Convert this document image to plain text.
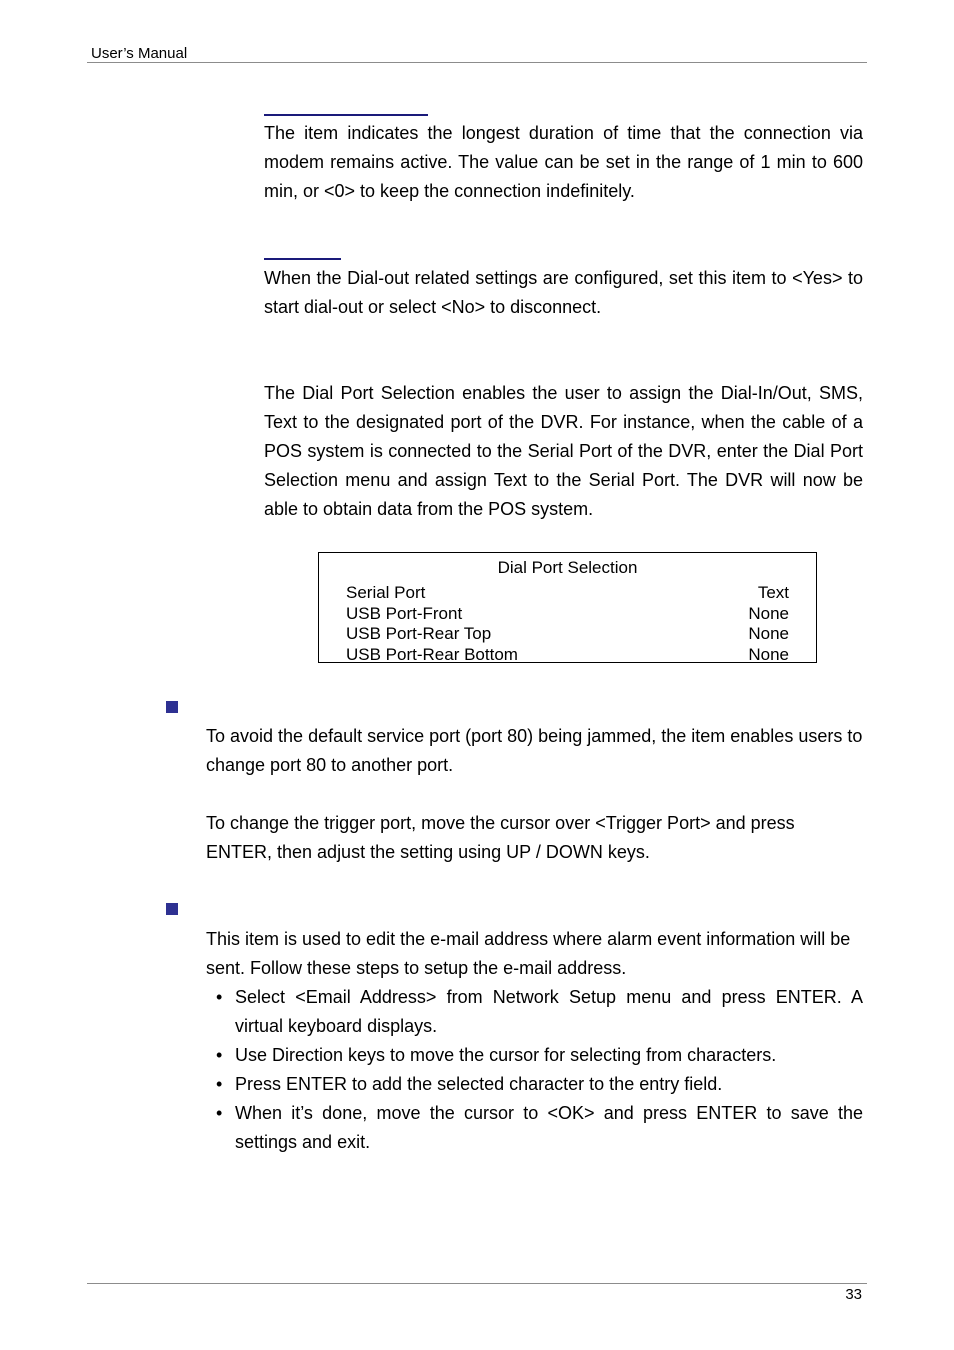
User’s Manual

The item indicates the longest duration of time that the connection via modem remains active. The value can be set in the range of 1 min to 600 min, or <0> to keep the connection indefinitely.

When the Dial-out related settings are configured, set this item to <Yes> to start dial-out or select <No> to disconnect.

The Dial Port Selection enables the user to assign the Dial-In/Out, SMS, Text to the designated port of the DVR. For instance, when the cable of a POS system is connected to the Serial Port of the DVR, enter the Dial Port Selection menu and assign Text to the Serial Port. The DVR will now be able to obtain data from the POS system.

Dial Port Selection
Serial Port	Text
USB Port-Front	None
USB Port-Rear Top	None
USB Port-Rear Bottom	None

To avoid the default service port (port 80) being jammed, the item enables users to change port 80 to another port.

To change the trigger port, move the cursor over <Trigger Port> and press ENTER, then adjust the setting using UP / DOWN keys.

This item is used to edit the e-mail address where alarm event information will be sent. Follow these steps to setup the e-mail address.

• Select <Email Address> from Network Setup menu and press ENTER. A virtual keyboard displays.
• Use Direction keys to move the cursor for selecting from characters.
• Press ENTER to add the selected character to the entry field.
• When it’s done, move the cursor to <OK> and press ENTER to save the settings and exit.
33
